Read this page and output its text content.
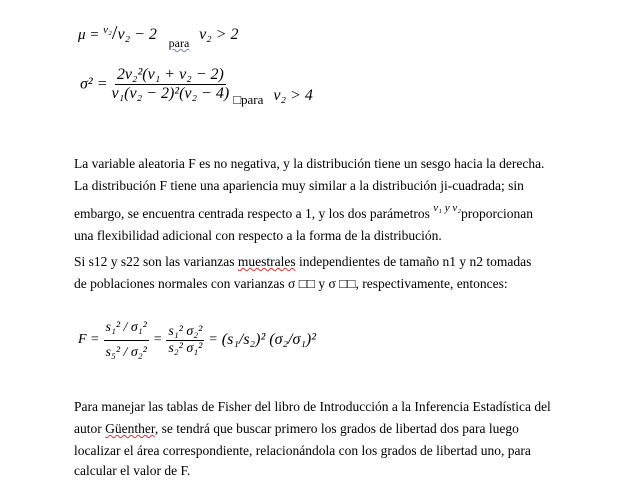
μ = $^{\nu_2}$/ν₂ − 2 $_{para}$ ν₂ > 2
$\sigma^2 = \frac{\text{2ν₂²(ν₁ + ν₂ − 2)}}{\text{ν₁(ν₂ − 2)²(ν₂ − 4)}} _{□para}$ ν₂ > 4
La variable aleatoria F es no negativa, y la distribución tiene un sesgo hacia la derecha.
La distribución F tiene una apariencia muy similar a la distribución ji-cuadrada; sin
embargo, se encuentra centrada respecto a 1, y los dos parámetros $^{\nu_1 y \nu_2}$proporcionan
una flexibilidad adicional con respecto a la forma de la distribución.
Si s12 y s22 son las varianzas muestrales independientes de tamaño n1 y n2 tomadas
de poblaciones normales con varianzas σ □□ y σ □□, respectivamente, entonces:
$F = \frac{\text{s₁² / σ₁²}}{\text{s₅² / σ₂²}} = \frac{\text{s₁² σ₂²}}{\text{s₂² σ₁²}} = (s_1/s_2)^2$ (σ₂/σ₁)²
Para manejar las tablas de Fisher del libro de Introducción a la Inferencia Estadística del
autor Güenther, se tendrá que buscar primero los grados de libertad dos para luego
localizar el área correspondiente, relacionándola con los grados de libertad uno, para
calcular el valor de F.
